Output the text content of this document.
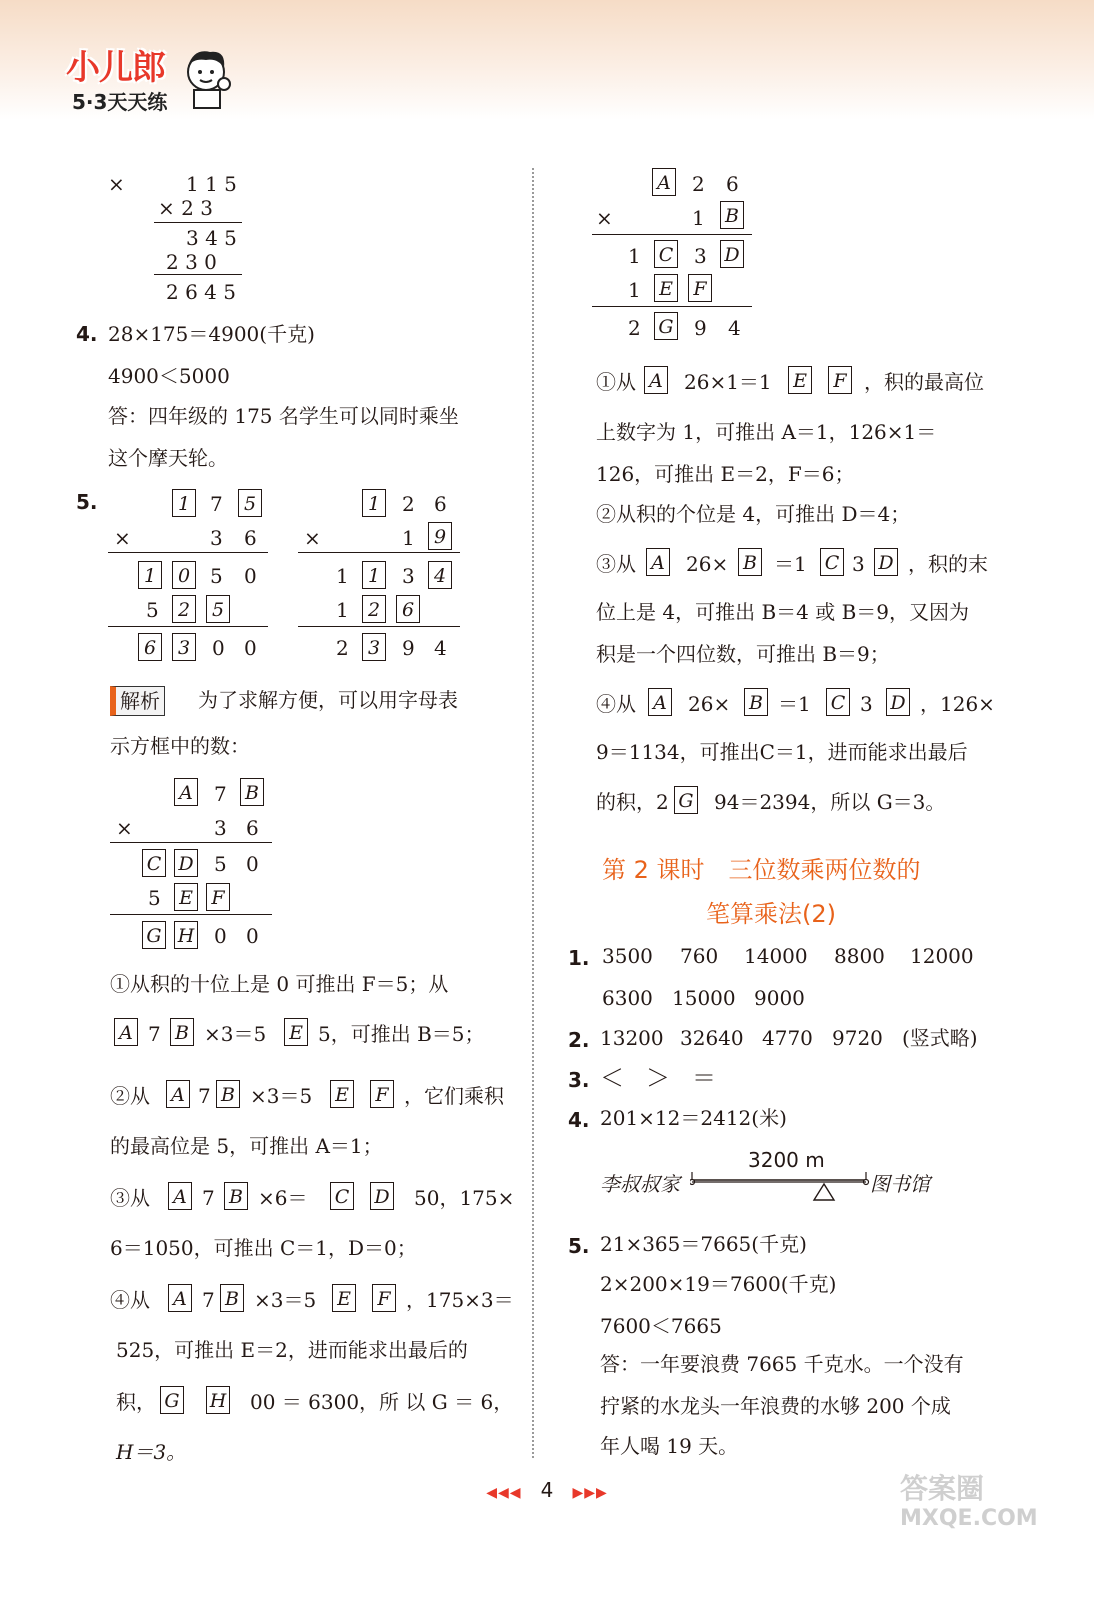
小儿郎
5·3天天练
×	1 1 5
× 2 3
3 4 5
2 3 0
2 6 4 5
4. 28×175＝4900(千克)
4900＜5000
答：四年级的 175 名学生可以同时乘坐
这个摩天轮。
5.	1 7	5
×	3 6
1	0 5 0
5	2	5
6	3 0 0
1 2 6
×	1	9
1	1 3	4
1	2	6
2	3 9 4
解析 为了求解方便，可以用字母表
示方框中的数：
A 7 B
×	3 6
C D 5 0
5 E F
G H 0 0
①从积的十位上是 0 可推出 F＝5；从
A 7 B ×3＝5 E 5，可推出 B＝5；
②从 A 7 B ×3＝5 E F ，它们乘积
的最高位是 5，可推出 A＝1；
③从 A 7 B ×6＝ C D 50，175×
6＝1050，可推出 C＝1，D＝0；
④从 A 7 B ×3＝5 E F ，175×3＝
525，可推出 E＝2，进而能求出最后的
积， G H 00 ＝ 6300，所 以 G ＝ 6，
H＝3。
A 2 6
×	1 B
1 C 3 D
1 E F
2 G 9 4
①从 A 26×1＝1 E F ，积的最高位
上数字为 1，可推出 A＝1，126×1＝
126，可推出 E＝2，F＝6；
②从积的个位是 4，可推出 D＝4；
③从 A 26× B ＝1 C 3 D ，积的末
位上是 4，可推出 B＝4 或 B＝9，又因为
积是一个四位数，可推出 B＝9；
④从 A 26× B ＝1 C 3 D ，126×
9＝1134，可推出C＝1，进而能求出最后
的积，2 G 94＝2394，所以 G＝3。
第 2 课时　三位数乘两位数的
笔算乘法(2)
1. 3500 760 14000 8800 12000
6300 15000 9000
2. 13200 32640 4770 9720 (竖式略)
3. ＜ ＞ ＝
4. 201×12＝2412(米)
3200 m
李叔叔家	图书馆
5. 21×365＝7665(千克)
2×200×19＝7600(千克)
7600＜7665
答：一年要浪费 7665 千克水。一个没有
拧紧的水龙头一年浪费的水够 200 个成
年人喝 19 天。
◀◀◀ 4 ▶▶▶	答案圈
MXQE.COM
